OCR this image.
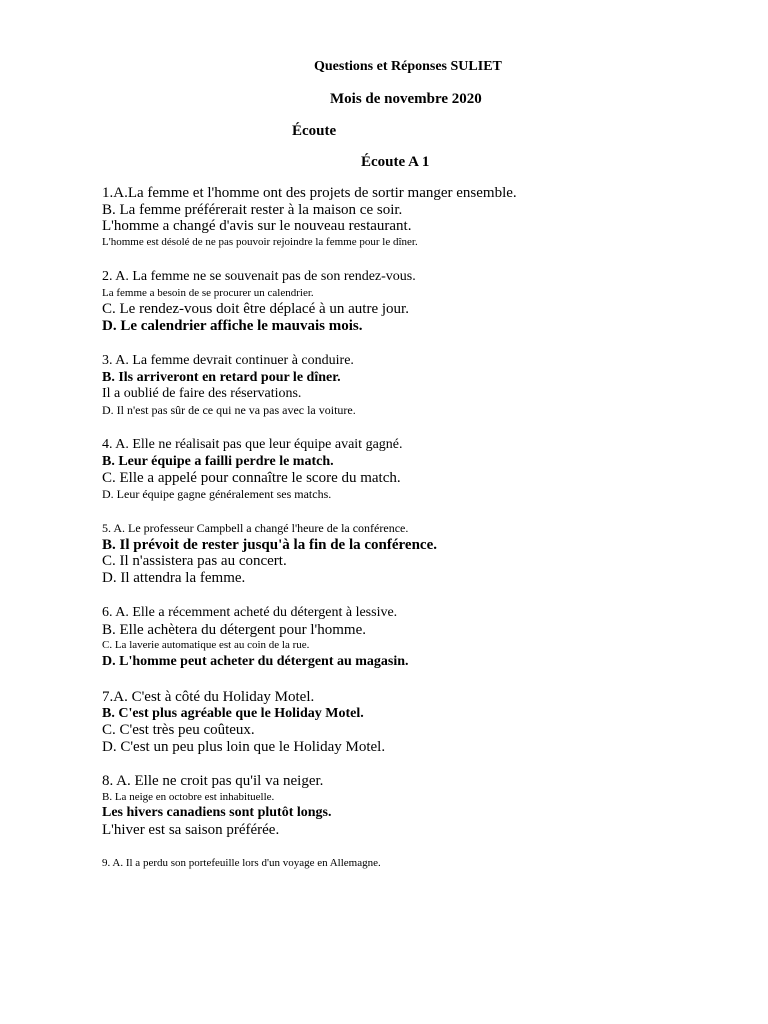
Questions et Réponses SULIET
Mois de novembre 2020
Écoute
Écoute A 1
1.A.La femme et l'homme ont des projets de sortir manger ensemble.
B. La femme préférerait rester à la maison ce soir.
L'homme a changé d'avis sur le nouveau restaurant.
L'homme est désolé de ne pas pouvoir rejoindre la femme pour le dîner.
2. A. La femme ne se souvenait pas de son rendez-vous.
La femme a besoin de se procurer un calendrier.
C. Le rendez-vous doit être déplacé à un autre jour.
D. Le calendrier affiche le mauvais mois.
3. A. La femme devrait continuer à conduire.
B. Ils arriveront en retard pour le dîner.
Il a oublié de faire des réservations.
D. Il n'est pas sûr de ce qui ne va pas avec la voiture.
4. A. Elle ne réalisait pas que leur équipe avait gagné.
B. Leur équipe a failli perdre le match.
C. Elle a appelé pour connaître le score du match.
D. Leur équipe gagne généralement ses matchs.
5. A. Le professeur Campbell a changé l'heure de la conférence.
B. Il prévoit de rester jusqu'à la fin de la conférence.
C. Il n'assistera pas au concert.
D. Il attendra la femme.
6. A. Elle a récemment acheté du détergent à lessive.
B. Elle achètera du détergent pour l'homme.
C. La laverie automatique est au coin de la rue.
D. L'homme peut acheter du détergent au magasin.
7.A. C'est à côté du Holiday Motel.
B. C'est plus agréable que le Holiday Motel.
C. C'est très peu coûteux.
D. C'est un peu plus loin que le Holiday Motel.
8. A. Elle ne croit pas qu'il va neiger.
B. La neige en octobre est inhabituelle.
Les hivers canadiens sont plutôt longs.
L'hiver est sa saison préférée.
9. A. Il a perdu son portefeuille lors d'un voyage en Allemagne.
